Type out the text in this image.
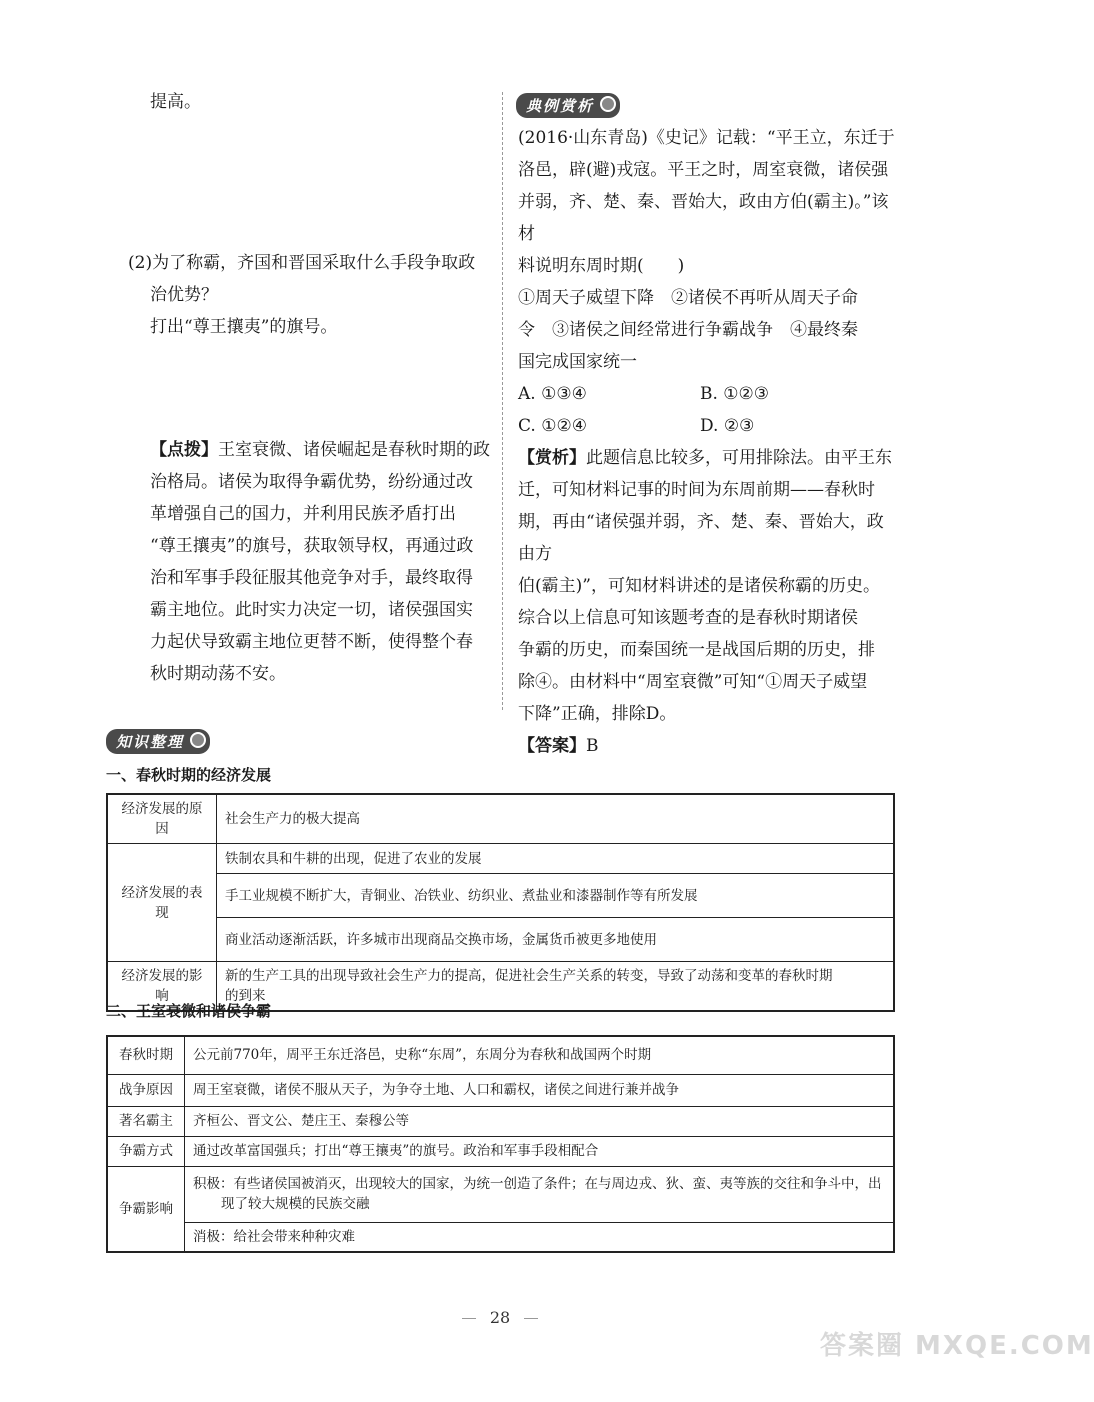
提高。
(2)为了称霸，齐国和晋国采取什么手段争取政
治优势？
打出“尊王攘夷”的旗号。
【点拨】王室衰微、诸侯崛起是春秋时期的政
治格局。诸侯为取得争霸优势，纷纷通过改
革增强自己的国力，并利用民族矛盾打出
“尊王攘夷”的旗号，获取领导权，再通过政
治和军事手段征服其他竞争对手，最终取得
霸主地位。此时实力决定一切，诸侯强国实
力起伏导致霸主地位更替不断，使得整个春
秋时期动荡不安。
典例赏析
(2016·山东青岛)《史记》记载：“平王立，东迁于
洛邑，辟(避)戎寇。平王之时，周室衰微，诸侯强
并弱，齐、楚、秦、晋始大，政由方伯(霸主)。”该材
料说明东周时期(　　)
①周天子威望下降　②诸侯不再听从周天子命
令　③诸侯之间经常进行争霸战争　④最终秦
国完成国家统一
A. ①③④	B. ①②③
C. ①②④	D. ②③
【赏析】此题信息比较多，可用排除法。由平王东
迁，可知材料记事的时间为东周前期——春秋时
期，再由“诸侯强并弱，齐、楚、秦、晋始大，政由方
伯(霸主)”，可知材料讲述的是诸侯称霸的历史。
综合以上信息可知该题考查的是春秋时期诸侯
争霸的历史，而秦国统一是战国后期的历史，排
除④。由材料中“周室衰微”可知“①周天子威望
下降”正确，排除D。
【答案】B
知识整理
一、春秋时期的经济发展
经济发展的原因	社会生产力的极大提高
经济发展的表现	铁制农具和牛耕的出现，促进了农业的发展
	手工业规模不断扩大，青铜业、冶铁业、纺织业、煮盐业和漆器制作等有所发展
	商业活动逐渐活跃，许多城市出现商品交换市场，金属货币被更多地使用
经济发展的影响	新的生产工具的出现导致社会生产力的提高，促进社会生产关系的转变，导致了动荡和变革的春秋时期
的到来
二、王室衰微和诸侯争霸
春秋时期	公元前770年，周平王东迁洛邑，史称“东周”，东周分为春秋和战国两个时期
战争原因	周王室衰微，诸侯不服从天子，为争夺土地、人口和霸权，诸侯之间进行兼并战争
著名霸主	齐桓公、晋文公、楚庄王、秦穆公等
争霸方式	通过改革富国强兵；打出“尊王攘夷”的旗号。政治和军事手段相配合
争霸影响	积极：有些诸侯国被消灭，出现较大的国家，为统一创造了条件；在与周边戎、狄、蛮、夷等族的交往和争斗中，出
现了较大规模的民族交融

	消极：给社会带来种种灾难
28
答案圈 MXQE.COM
